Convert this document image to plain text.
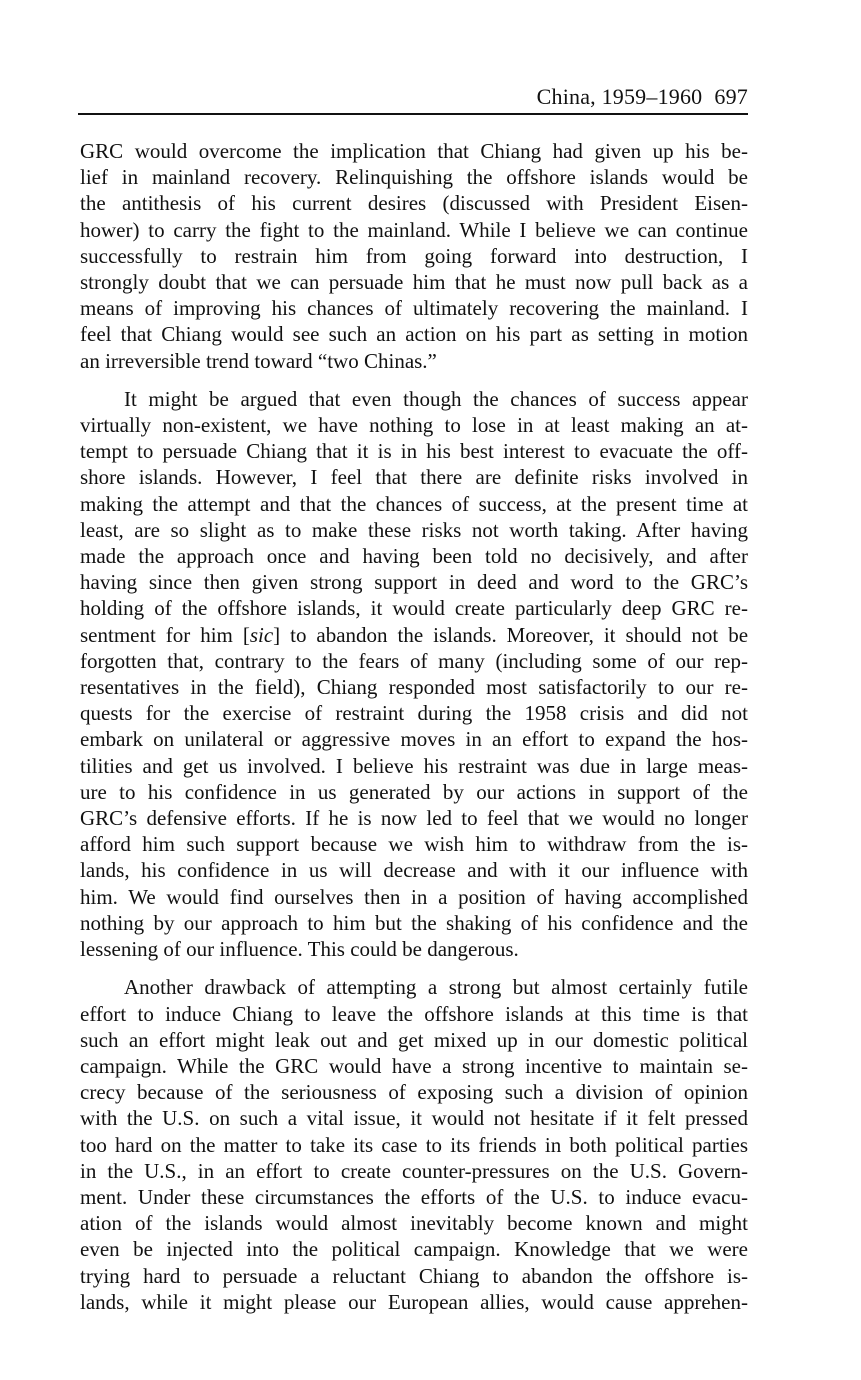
China, 1959–1960 697
GRC would overcome the implication that Chiang had given up his be-
lief in mainland recovery. Relinquishing the offshore islands would be
the antithesis of his current desires (discussed with President Eisen-
hower) to carry the fight to the mainland. While I believe we can continue
successfully to restrain him from going forward into destruction, I
strongly doubt that we can persuade him that he must now pull back as a
means of improving his chances of ultimately recovering the mainland. I
feel that Chiang would see such an action on his part as setting in motion
an irreversible trend toward “two Chinas.”
It might be argued that even though the chances of success appear
virtually non-existent, we have nothing to lose in at least making an at-
tempt to persuade Chiang that it is in his best interest to evacuate the off-
shore islands. However, I feel that there are definite risks involved in
making the attempt and that the chances of success, at the present time at
least, are so slight as to make these risks not worth taking. After having
made the approach once and having been told no decisively, and after
having since then given strong support in deed and word to the GRC’s
holding of the offshore islands, it would create particularly deep GRC re-
sentment for him [sic] to abandon the islands. Moreover, it should not be
forgotten that, contrary to the fears of many (including some of our rep-
resentatives in the field), Chiang responded most satisfactorily to our re-
quests for the exercise of restraint during the 1958 crisis and did not
embark on unilateral or aggressive moves in an effort to expand the hos-
tilities and get us involved. I believe his restraint was due in large meas-
ure to his confidence in us generated by our actions in support of the
GRC’s defensive efforts. If he is now led to feel that we would no longer
afford him such support because we wish him to withdraw from the is-
lands, his confidence in us will decrease and with it our influence with
him. We would find ourselves then in a position of having accomplished
nothing by our approach to him but the shaking of his confidence and the
lessening of our influence. This could be dangerous.
Another drawback of attempting a strong but almost certainly futile
effort to induce Chiang to leave the offshore islands at this time is that
such an effort might leak out and get mixed up in our domestic political
campaign. While the GRC would have a strong incentive to maintain se-
crecy because of the seriousness of exposing such a division of opinion
with the U.S. on such a vital issue, it would not hesitate if it felt pressed
too hard on the matter to take its case to its friends in both political parties
in the U.S., in an effort to create counter-pressures on the U.S. Govern-
ment. Under these circumstances the efforts of the U.S. to induce evacu-
ation of the islands would almost inevitably become known and might
even be injected into the political campaign. Knowledge that we were
trying hard to persuade a reluctant Chiang to abandon the offshore is-
lands, while it might please our European allies, would cause apprehen-
